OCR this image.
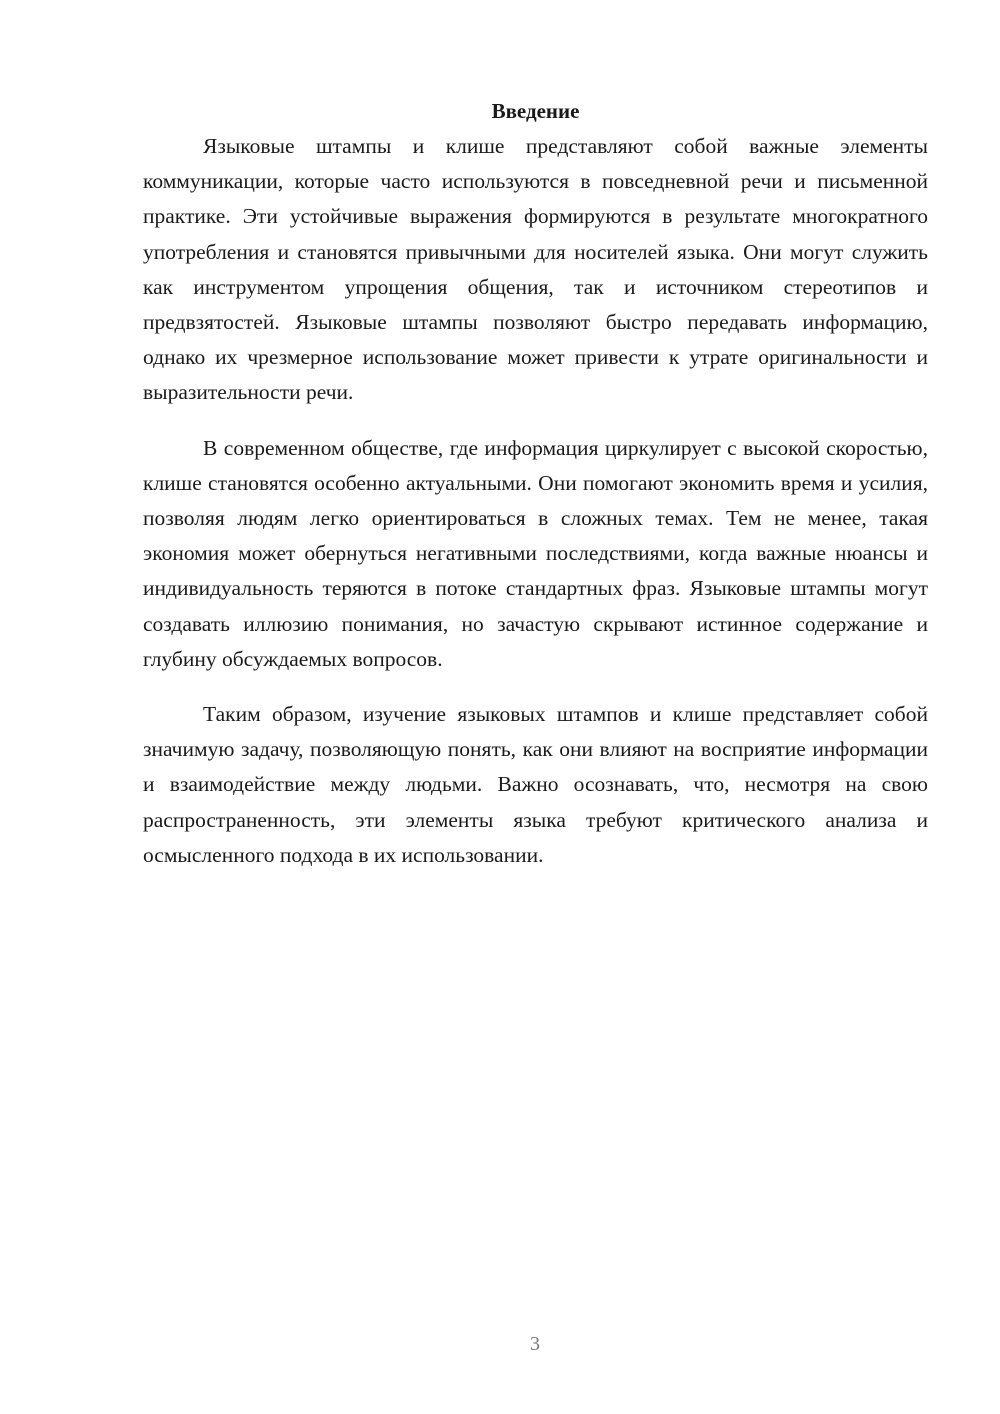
Введение

Языковые штампы и клише представляют собой важные элементы коммуникации, которые часто используются в повседневной речи и письменной практике. Эти устойчивые выражения формируются в результате многократного употребления и становятся привычными для носителей языка. Они могут служить как инструментом упрощения общения, так и источником стереотипов и предвзятостей. Языковые штампы позволяют быстро передавать информацию, однако их чрезмерное использование может привести к утрате оригинальности и выразительности речи.

В современном обществе, где информация циркулирует с высокой скоростью, клише становятся особенно актуальными. Они помогают экономить время и усилия, позволяя людям легко ориентироваться в сложных темах. Тем не менее, такая экономия может обернуться негативными последствиями, когда важные нюансы и индивидуальность теряются в потоке стандартных фраз. Языковые штампы могут создавать иллюзию понимания, но зачастую скрывают истинное содержание и глубину обсуждаемых вопросов.

Таким образом, изучение языковых штампов и клише представляет собой значимую задачу, позволяющую понять, как они влияют на восприятие информации и взаимодействие между людьми. Важно осознавать, что, несмотря на свою распространенность, эти элементы языка требуют критического анализа и осмысленного подхода в их использовании.

3
